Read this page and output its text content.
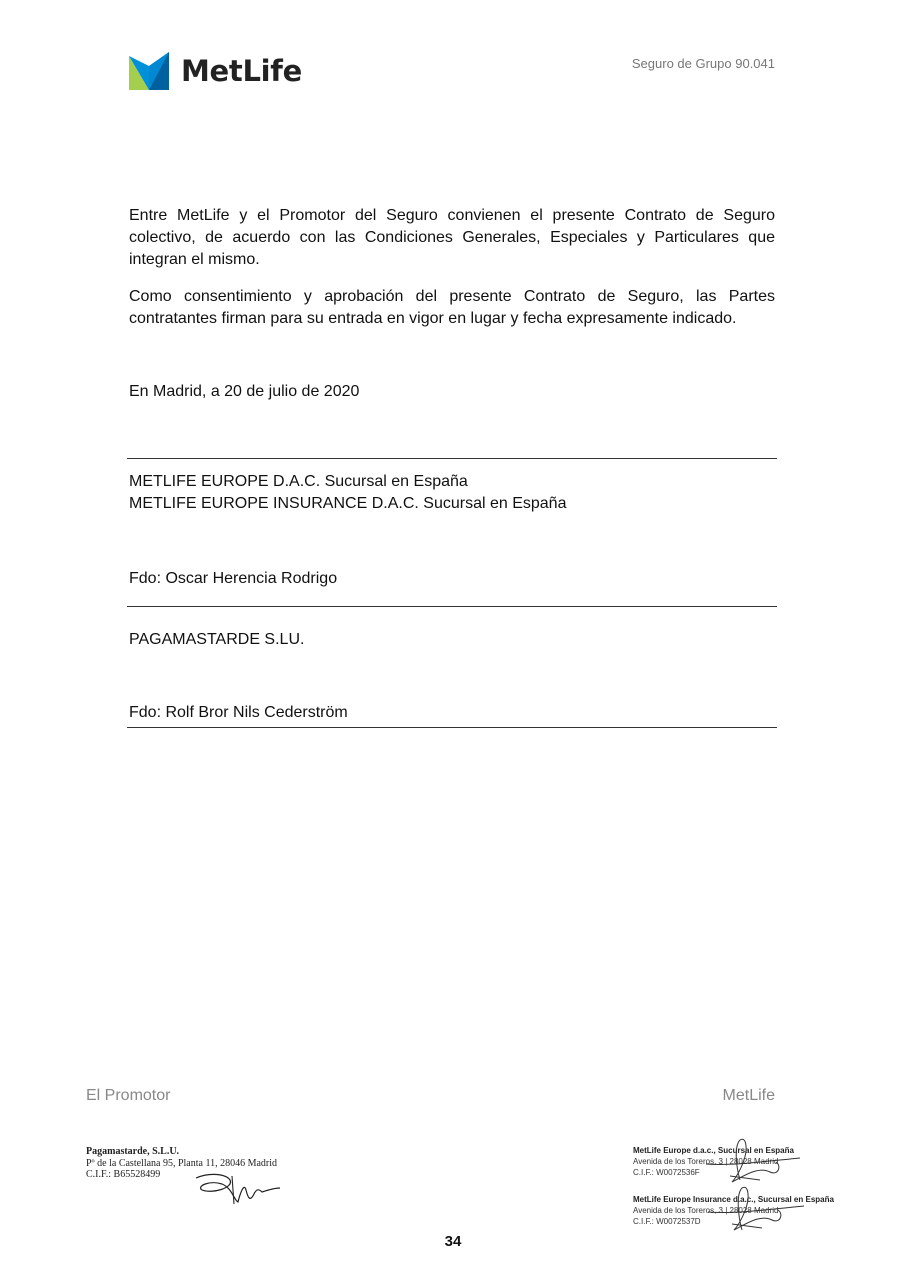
MetLife	Seguro de Grupo 90.041

Entre MetLife y el Promotor del Seguro convienen el presente Contrato de Seguro colectivo, de acuerdo con las Condiciones Generales, Especiales y Particulares que integran el mismo.

Como consentimiento y aprobación del presente Contrato de Seguro, las Partes contratantes firman para su entrada en vigor en lugar y fecha expresamente indicado.

En Madrid, a 20 de julio de 2020
METLIFE EUROPE D.A.C. Sucursal en España
METLIFE EUROPE INSURANCE D.A.C. Sucursal en España
Fdo: Oscar Herencia Rodrigo
PAGAMASTARDE S.LU.
Fdo: Rolf Bror Nils Cederström
El Promotor	MetLife
Pagamastarde, S.L.U.
Pº de la Castellana 95, Planta 11, 28046 Madrid
C.I.F.: B65528499
MetLife Europe d.a.c., Sucursal en España
Avenida de los Toreros, 3 | 28028 Madrid
C.I.F.: W0072536F
MetLife Europe Insurance d.a.c., Sucursal en España
Avenida de los Toreros, 3 | 28028 Madrid
C.I.F.: W0072537D
34
